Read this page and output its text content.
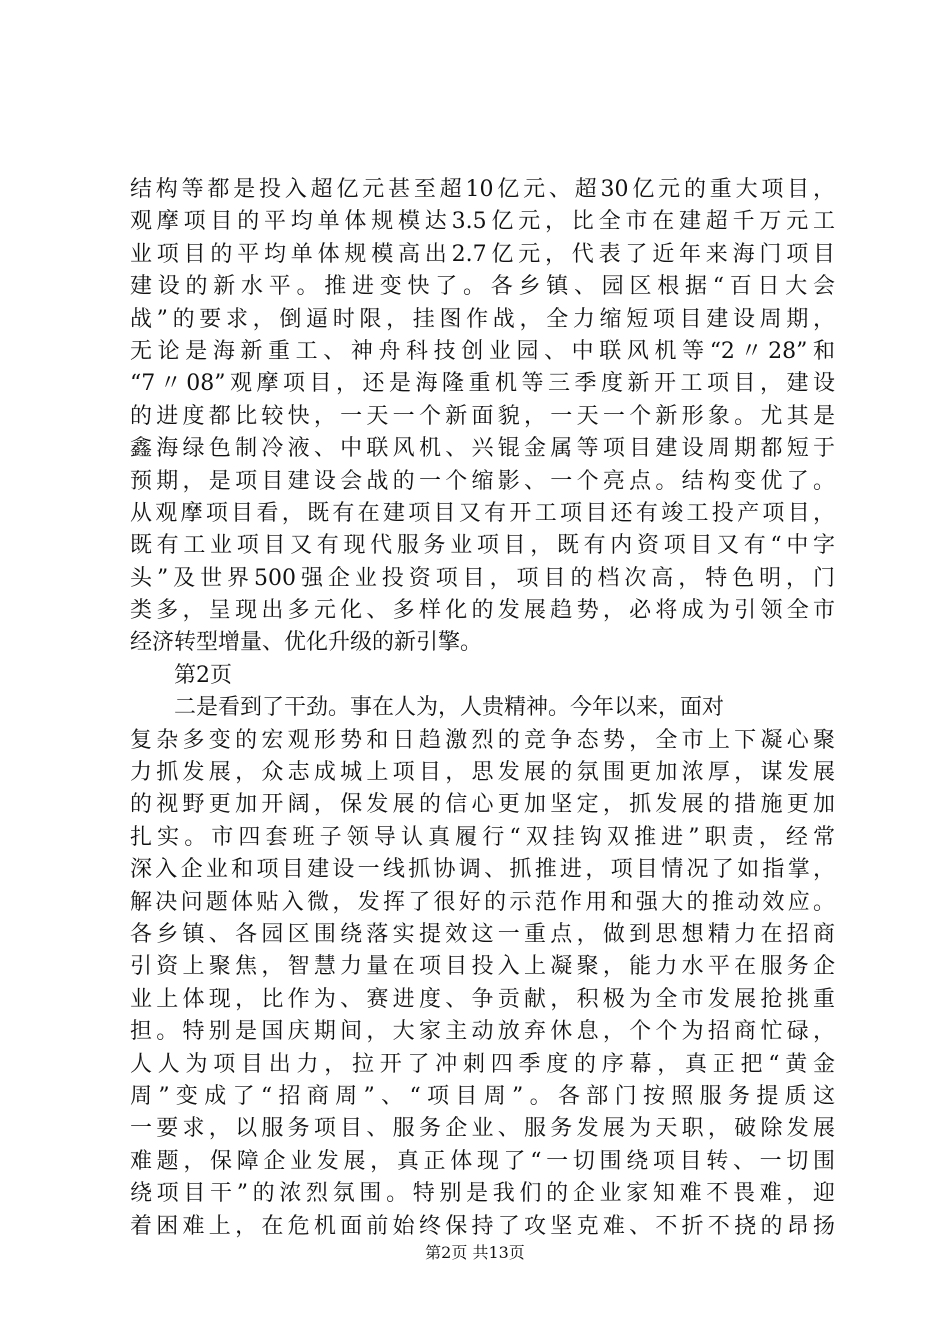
结构等都是投入超亿元甚至超10亿元、超30亿元的重大项目，
观摩项目的平均单体规模达3.5亿元，比全市在建超千万元工
业项目的平均单体规模高出2.7亿元，代表了近年来海门项目
建设的新水平。推进变快了。各乡镇、园区根据“百日大会
战”的要求，倒逼时限，挂图作战，全力缩短项目建设周期，
无论是海新重工、神舟科技创业园、中联风机等“2〃28”和
“7〃08”观摩项目，还是海隆重机等三季度新开工项目，建设
的进度都比较快，一天一个新面貌，一天一个新形象。尤其是
鑫海绿色制冷液、中联风机、兴锟金属等项目建设周期都短于
预期，是项目建设会战的一个缩影、一个亮点。结构变优了。
从观摩项目看，既有在建项目又有开工项目还有竣工投产项目，
既有工业项目又有现代服务业项目，既有内资项目又有“中字
头”及世界500强企业投资项目，项目的档次高，特色明，门
类多，呈现出多元化、多样化的发展趋势，必将成为引领全市
经济转型增量、优化升级的新引擎。
第2页
二是看到了干劲。事在人为，人贵精神。今年以来，面对
复杂多变的宏观形势和日趋激烈的竞争态势，全市上下凝心聚
力抓发展，众志成城上项目，思发展的氛围更加浓厚，谋发展
的视野更加开阔，保发展的信心更加坚定，抓发展的措施更加
扎实。市四套班子领导认真履行“双挂钩双推进”职责，经常
深入企业和项目建设一线抓协调、抓推进，项目情况了如指掌，
解决问题体贴入微，发挥了很好的示范作用和强大的推动效应。
各乡镇、各园区围绕落实提效这一重点，做到思想精力在招商
引资上聚焦，智慧力量在项目投入上凝聚，能力水平在服务企
业上体现，比作为、赛进度、争贡献，积极为全市发展抢挑重
担。特别是国庆期间，大家主动放弃休息，个个为招商忙碌，
人人为项目出力，拉开了冲刺四季度的序幕，真正把“黄金
周”变成了“招商周”、“项目周”。各部门按照服务提质这
一要求，以服务项目、服务企业、服务发展为天职，破除发展
难题，保障企业发展，真正体现了“一切围绕项目转、一切围
绕项目干”的浓烈氛围。特别是我们的企业家知难不畏难，迎
着困难上，在危机面前始终保持了攻坚克难、不折不挠的昂扬
第2页 共13页
